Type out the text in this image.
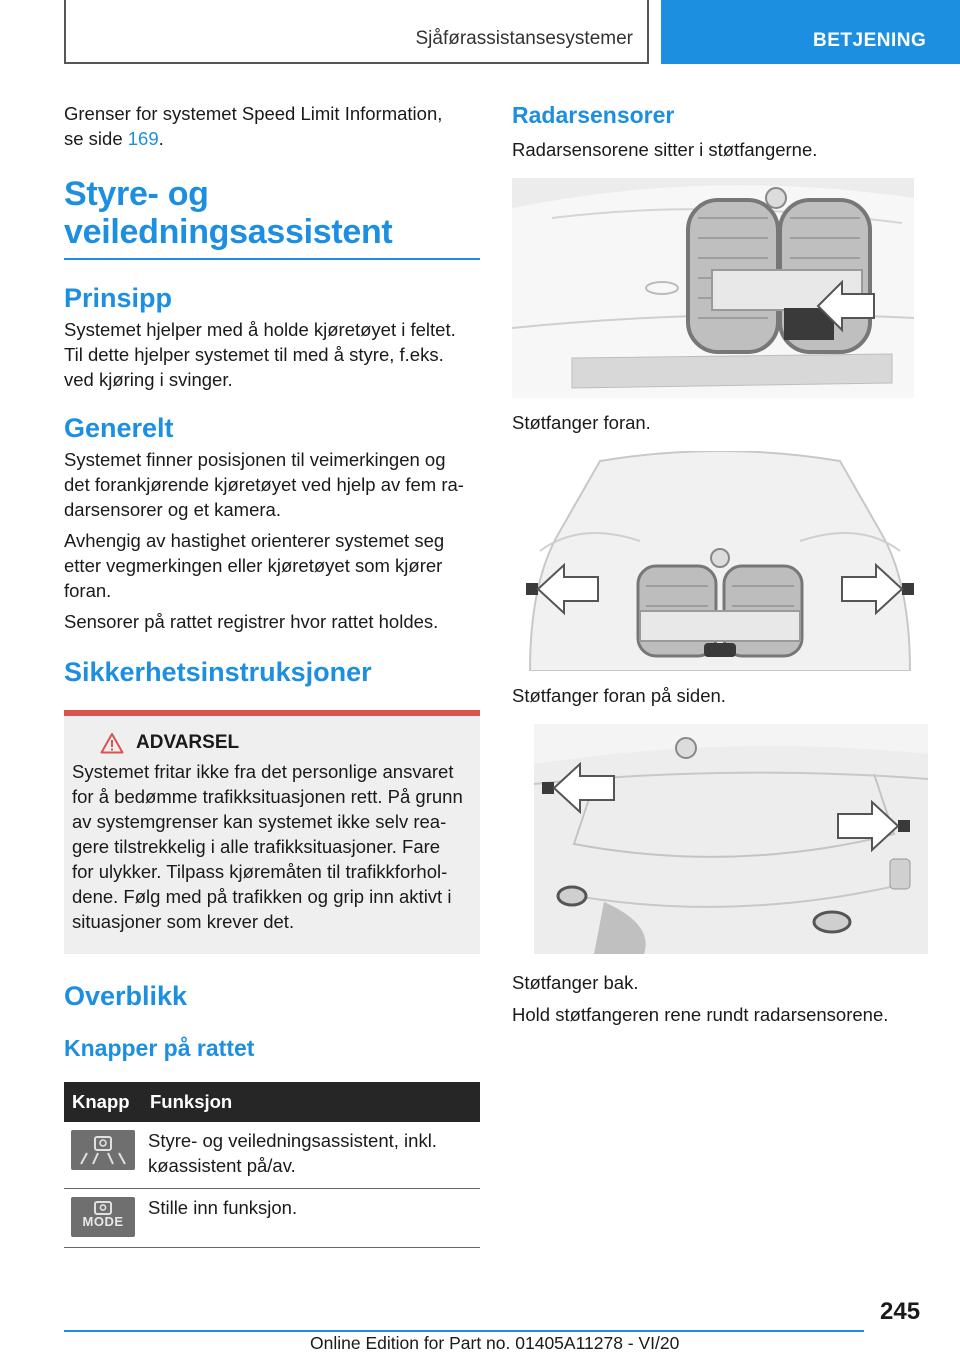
Sjåførassistansesystemer	BETJENING

Grenser for systemet Speed Limit Information,
se side 169.

Styre- og
veiledningsassistent
Prinsipp

Systemet hjelper med å holde kjøretøyet i feltet.
Til dette hjelper systemet til med å styre, f.eks.
ved kjøring i svinger.

Generelt

Systemet finner posisjonen til veimerkingen og
det forankjørende kjøretøyet ved hjelp av fem ra-
darsensorer og et kamera.

Avhengig av hastighet orienterer systemet seg
etter vegmerkingen eller kjøretøyet som kjører
foran.

Sensorer på rattet registrer hvor rattet holdes.

Sikkerhetsinstruksjoner
ADVARSEL

Systemet fritar ikke fra det personlige ansvaret
for å bedømme trafikksituasjonen rett. På grunn
av systemgrenser kan systemet ikke selv rea-
gere tilstrekkelig i alle trafikksituasjoner. Fare
for ulykker. Tilpass kjøremåten til trafikkforhol-
dene. Følg med på trafikken og grip inn aktivt i
situasjoner som krever det.

Overblikk
Knapper på rattet
Knapp	Funksjon

	Styre- og veiledningsassistent, inkl.
køassistent på/av.

MODE	Stille inn funksjon.
Radarsensorer

Radarsensorene sitter i støtfangerne.

Støtfanger foran.

Støtfanger foran på siden.

Støtfanger bak.

Hold støtfangeren rene rundt radarsensorene.

245
Online Edition for Part no. 01405A11278 - VI/20
